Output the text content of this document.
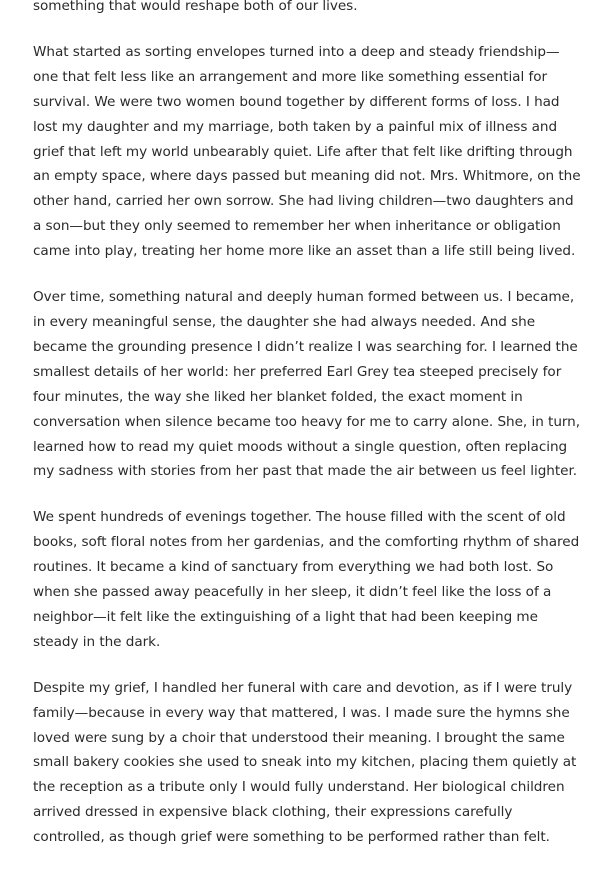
something that would reshape both of our lives.

What started as sorting envelopes turned into a deep and steady friendship—one that felt less like an arrangement and more like something essential for survival. We were two women bound together by different forms of loss. I had lost my daughter and my marriage, both taken by a painful mix of illness and grief that left my world unbearably quiet. Life after that felt like drifting through an empty space, where days passed but meaning did not. Mrs. Whitmore, on the other hand, carried her own sorrow. She had living children—two daughters and a son—but they only seemed to remember her when inheritance or obligation came into play, treating her home more like an asset than a life still being lived.

Over time, something natural and deeply human formed between us. I became, in every meaningful sense, the daughter she had always needed. And she became the grounding presence I didn’t realize I was searching for. I learned the smallest details of her world: her preferred Earl Grey tea steeped precisely for four minutes, the way she liked her blanket folded, the exact moment in conversation when silence became too heavy for me to carry alone. She, in turn, learned how to read my quiet moods without a single question, often replacing my sadness with stories from her past that made the air between us feel lighter.

We spent hundreds of evenings together. The house filled with the scent of old books, soft floral notes from her gardenias, and the comforting rhythm of shared routines. It became a kind of sanctuary from everything we had both lost. So when she passed away peacefully in her sleep, it didn’t feel like the loss of a neighbor—it felt like the extinguishing of a light that had been keeping me steady in the dark.

Despite my grief, I handled her funeral with care and devotion, as if I were truly family—because in every way that mattered, I was. I made sure the hymns she loved were sung by a choir that understood their meaning. I brought the same small bakery cookies she used to sneak into my kitchen, placing them quietly at the reception as a tribute only I would fully understand. Her biological children arrived dressed in expensive black clothing, their expressions carefully controlled, as though grief were something to be performed rather than felt.
